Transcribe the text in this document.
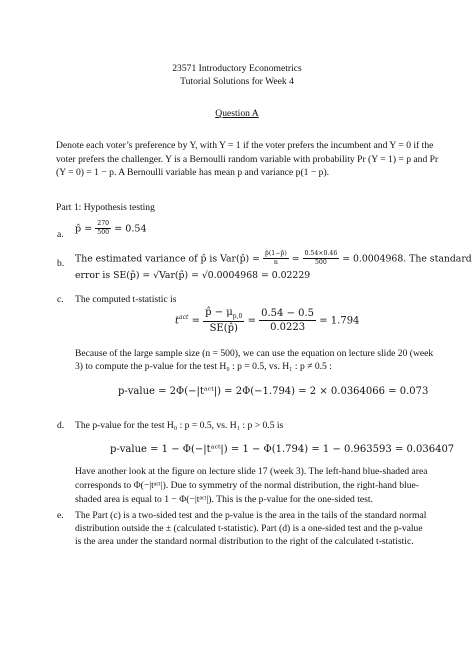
23571 Introductory Econometrics
Tutorial Solutions for Week 4
Question A
Denote each voter’s preference by Y, with Y = 1 if the voter prefers the incumbent and Y = 0 if the
voter prefers the challenger. Y is a Bernoulli random variable with probability Pr (Y = 1) = p and Pr
(Y = 0) = 1 − p. A Bernoulli variable has mean p and variance p(1 − p).
Part 1: Hypothesis testing
a.
p̂ = $\frac{270}{500} = 0.54$
b. The estimated variance of p̂ is Var(p̂) = $\frac{p̂(1-p̂)}{n} = \frac{0.54\times 0.46}{500} = 0.0004968$. The standard
error is SE(p̂) = √Var(p̂) = √0.0004968 = 0.02229
c. The computed t-statistic is
$t^{act} = \frac{p̂ - \mu_{p,0}}{SE(p̂)} = \frac{0.54 - 0.5}{0.0223} = 1.794$
Because of the large sample size (n = 500), we can use the equation on lecture slide 20 (week
3) to compute the p-value for the test H₀ : p = 0.5, vs. H₁ : p ≠ 0.5 :
p-value = 2Φ(−|tᵃᶜᵗ|) = 2Φ(−1.794) = 2 × 0.0364066 = 0.073
d. The p-value for the test H₀ : p = 0.5, vs. H₁ : p > 0.5 is
p-value = 1 − Φ(−|tᵃᶜᵗ|) = 1 − Φ(1.794) = 1 − 0.963593 = 0.036407
Have another look at the figure on lecture slide 17 (week 3). The left-hand blue-shaded area
corresponds to Φ(−|tᵃᶜᵗ|). Due to symmetry of the normal distribution, the right-hand blue-
shaded area is equal to 1 − Φ(−|tᵃᶜᵗ|). This is the p-value for the one-sided test.
e. The Part (c) is a two-sided test and the p-value is the area in the tails of the standard normal
distribution outside the ± (calculated t-statistic). Part (d) is a one-sided test and the p-value
is the area under the standard normal distribution to the right of the calculated t-statistic.
